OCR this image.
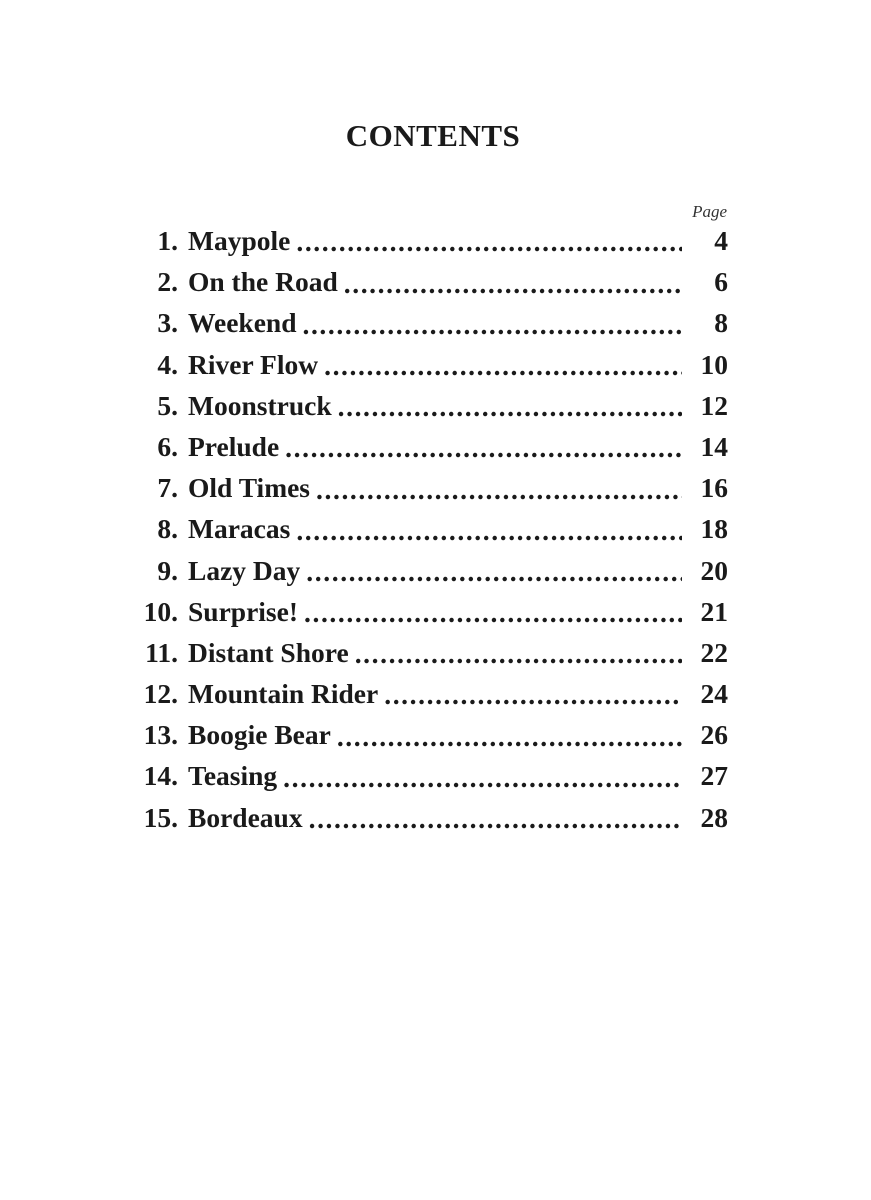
CONTENTS
Page
1. Maypole .....	4
2. On the Road .....	6
3. Weekend .....	8
4. River Flow .....	10
5. Moonstruck .....	12
6. Prelude .....	14
7. Old Times .....	16
8. Maracas .....	18
9. Lazy Day .....	20
10. Surprise! .....	21
11. Distant Shore .....	22
12. Mountain Rider .....	24
13. Boogie Bear .....	26
14. Teasing .....	27
15. Bordeaux .....	28
